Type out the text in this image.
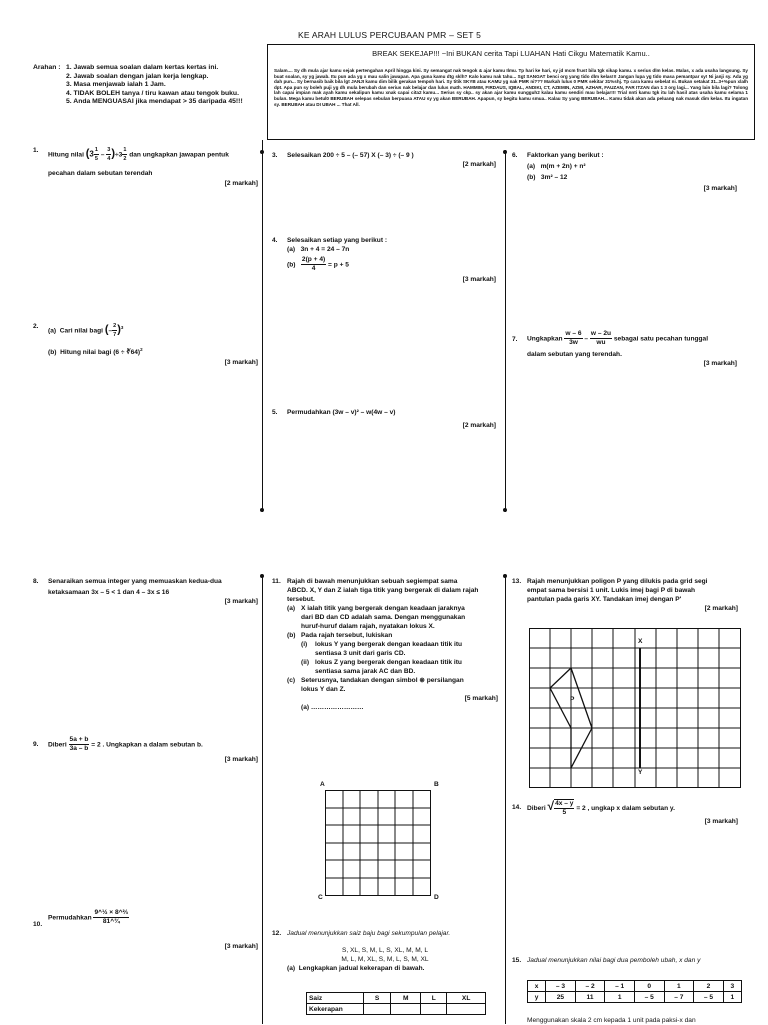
KE ARAH LULUS PERCUBAAN PMR – SET 5
BREAK SEKEJAP!!! ~Ini BUKAN cerita Tapi LUAHAN Hati Cikgu Matematik Kamu..
Salam.... Sy dh mula ajar kamu sejak pertengahan April hingga kini. Sy semangat nak tengok & ajar kamu Ilmu. Tp hari ke hari, sy jd mcm frust bila tgk sikap kamu. x serius dlm kelas. Malas, x ada usaha langsung. Sy buat soalan, sy yg jawab. Itu pun ada yg x mau salin jawapan. Apa guna kamu dtg sklh? Kalo kamu nak tahu... Sgt SANGAT benci org yang tido dlm kelas!!! Jangan lupa yg tido masa pemantpar sy! Ni janji sy. Ada yg dah pun... Sy bernasib baik bila lgt JANJI kamu dim bilik gerakan tempoh hari. Sy titik SKYB atau KAMU yg nak PMR ni??? Markah lulus 0 PMR sekitar 31%shj. Tp cara kamu sebelat ni. Bukan setakat 31..3+%pun xlalh dpt. Apa pun sy boleh puji yg dh mula berubah dan serius nak belajar dan lulus math. HAMMIM, FIRDAUS, IQBAL, ANDIKI, CT, AZEMIN, AZMI, AZHAR, FAUZAN, FAR ITZAN dan 1 3 org lagi... Yang lain bila lagi? Tolong lah capai impian mak ayah kamu sekalipun kamu xnak capai cita2 kamu... Serius sy ckp.. sy akan ajar kamu sungguh2 kalau kamu sendiri mau belajar!!! Trial nnti kamu tgk itu lah hasil atas usaha kamu selama 1 bulan. Mega kamu betul0 BERUBAH selepas sebulan berpuasa ATAU sy yg akan BERUBAH. Apapun, sy begitu kamu smua.. Kalau Sy yang BERUBAH... Kamu tidak akan ada peluang nak masuk dim kelas. Itu ingatan sy. BERUBAH atau DI UBAH ... That All.
Arahan : 1. Jawab semua soalan dalam kertas kertas ini.
2. Jawab soalan dengan jalan kerja lengkap.
3. Masa menjawab ialah 1 Jam.
4. TIDAK BOLEH tanya / tiru kawan atau tengok buku.
5. Anda MENGUASAI jika mendapat > 35 daripada 45!!!
1.
Hitung nilai $(3 \frac{1}{5} - \frac{3}{4} )\div 3 \frac{1}{2}$ dan ungkapkan jawapan pentuk
pecahan dalam sebutan terendah
[2 markah]
2.
(a) Cari nilai bagi (– $\frac{2}{7} )^3$
(b) Hitung nilai bagi (6 ÷ ∛64)$^2$
[3 markah]
3.	Selesaikan 200 ÷ 5 – (– 57) X (– 3) ÷ (– 9 )
[2 markah]
4.	Selesaikan setiap yang berikut :
(a) 3n + 4 = 24 – 7n
$(b) \frac{2(p + 4)}{4} = p + 5$
[3 markah]
5.	Permudahkan (3w – v)² – w(4w – v)
[2 markah]
6.	Faktorkan yang berikut :
(a) m(m + 2n) + n²
(b) 3m² – 12
[3 markah]
7.	Ungkapkan $\frac{w - 6}{3w} - \frac{w - 2u}{wu}$ sebagai satu pecahan tunggal
dalam sebutan yang terendah.
[3 markah]
8.	Senaraikan semua integer yang memuaskan kedua-dua
ketaksamaan 3x – 5 < 1 dan 4 – 3x ≤ 16
[3 markah]
9.	Diberi $\frac{5a + b}{3a - b} = 2$ . Ungkapkan a dalam sebutan b.
[3 markah]
10.
Permudahkan $\frac{\text{9\textasciicircum{}½ × 8\textasciicircum{}⅔}}{\text{81\textasciicircum{}¾}}$
[3 markah]
11. Rajah di bawah menunjukkan sebuah segiempat sama
ABCD. X, Y dan Z ialah tiga titik yang bergerak di dalam rajah
tersebut.
(a) X ialah titik yang bergerak dengan keadaan jaraknya
dari BD dan CD adalah sama. Dengan menggunakan
huruf-huruf dalam rajah, nyatakan lokus X.
(b) Pada rajah tersebut, lukiskan
(i) lokus Y yang bergerak dengan keadaan titik itu
sentiasa 3 unit dari garis CD.
(ii) lokus Z yang bergerak dengan keadaan titik itu
sentiasa sama jarak AC dan BD.
(c) Seterusnya, tandakan dengan simbol ⊗ persilangan
lokus Y dan Z.
[5 markah]
(a) ……………………
A	B
C	D
12. Jadual menunjukkan saiz baju bagi sekumpulan pelajar.
S, XL, S, M, L, S, XL, M, M, L
M, L, M, XL, S, M, L, S, M, XL
(a) Lengkapkan jadual kekerapan di bawah.
Saiz	S	M	L	XL
Kekerapan				
13. Rajah menunjukkan poligon P yang dilukis pada grid segi
empat sama bersisi 1 unit. Lukis imej bagi P di bawah
pantulan pada garis XY. Tandakan imej dengan P'
[2 markah]
X
Y
P
14. Diberi √ $\frac{4x - y}{5} = 2$ , ungkap x dalam sebutan y.
[3 markah]
15. Jadual menunjukkan nilai bagi dua pemboleh ubah, x dan y
x	– 3	– 2	– 1	0	1	2	3
y	25	11	1	– 5	– 7	– 5	1
Menggunakan skala 2 cm kepada 1 unit pada paksi-x dan
